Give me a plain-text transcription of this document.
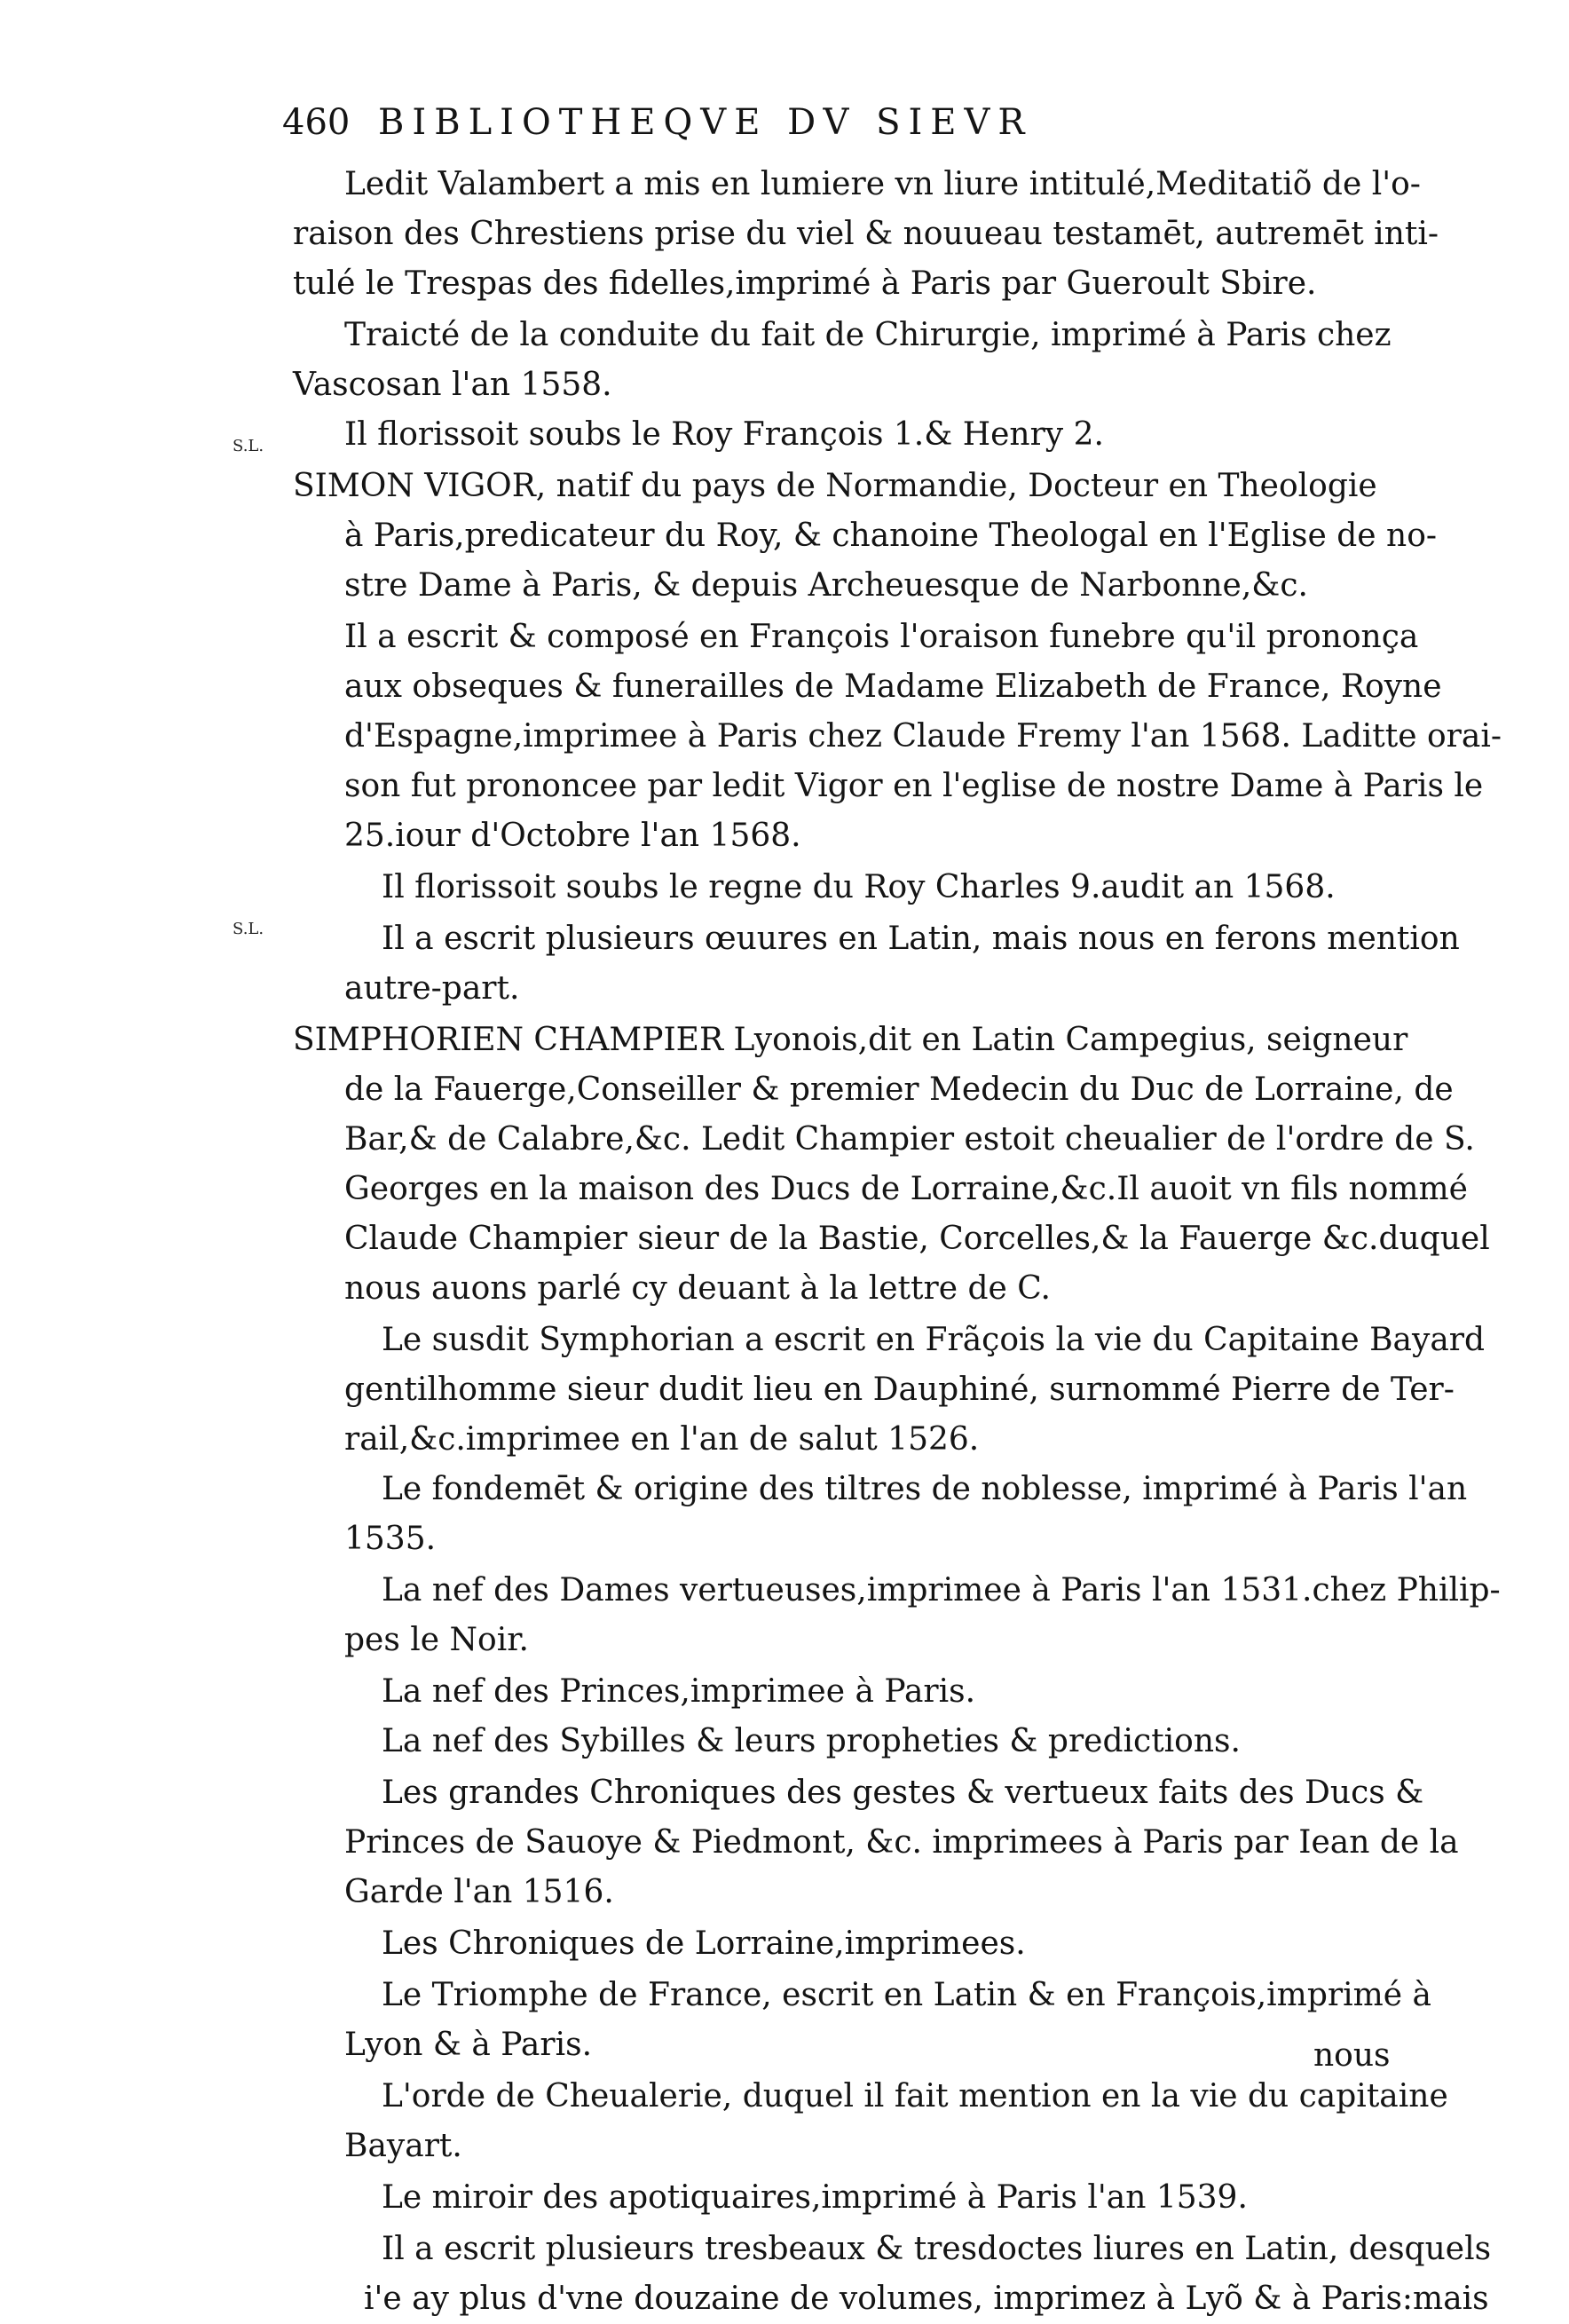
460 BIBLIOTHEQVE DV SIEVR
S.L.
S.L.
Ledit Valambert a mis en lumiere vn liure intitulé,Meditatiõ de l'o-
raison des Chrestiens prise du viel & nouueau testamēt, autremēt inti-
tulé le Trespas des fidelles,imprimé à Paris par Gueroult Sbire.
Traicté de la conduite du fait de Chirurgie, imprimé à Paris chez
Vascosan l'an 1558.
Il florissoit soubs le Roy François 1.& Henry 2.
SIMON VIGOR, natif du pays de Normandie, Docteur en Theologie
à Paris,predicateur du Roy, & chanoine Theologal en l'Eglise de no-
stre Dame à Paris, & depuis Archeuesque de Narbonne,&c.
Il a escrit & composé en François l'oraison funebre qu'il prononça
aux obseques & funerailles de Madame Elizabeth de France, Royne
d'Espagne,imprimee à Paris chez Claude Fremy l'an 1568. Laditte orai-
son fut prononcee par ledit Vigor en l'eglise de nostre Dame à Paris le
25.iour d'Octobre l'an 1568.
Il florissoit soubs le regne du Roy Charles 9.audit an 1568.
Il a escrit plusieurs œuures en Latin, mais nous en ferons mention
autre-part.
SIMPHORIEN CHAMPIER Lyonois,dit en Latin Campegius, seigneur
de la Fauerge,Conseiller & premier Medecin du Duc de Lorraine, de
Bar,& de Calabre,&c. Ledit Champier estoit cheualier de l'ordre de S.
Georges en la maison des Ducs de Lorraine,&c.Il auoit vn fils nommé
Claude Champier sieur de la Bastie, Corcelles,& la Fauerge &c.duquel
nous auons parlé cy deuant à la lettre de C.
Le susdit Symphorian a escrit en Frãçois la vie du Capitaine Bayard
gentilhomme sieur dudit lieu en Dauphiné, surnommé Pierre de Ter-
rail,&c.imprimee en l'an de salut 1526.
Le fondemēt & origine des tiltres de noblesse, imprimé à Paris l'an
1535.
La nef des Dames vertueuses,imprimee à Paris l'an 1531.chez Philip-
pes le Noir.
La nef des Princes,imprimee à Paris.
La nef des Sybilles & leurs propheties & predictions.
Les grandes Chroniques des gestes & vertueux faits des Ducs &
Princes de Sauoye & Piedmont, &c. imprimees à Paris par Iean de la
Garde l'an 1516.
Les Chroniques de Lorraine,imprimees.
Le Triomphe de France, escrit en Latin & en François,imprimé à
Lyon & à Paris.
L'orde de Cheualerie, duquel il fait mention en la vie du capitaine
Bayart.
Le miroir des apotiquaires,imprimé à Paris l'an 1539.
Il a escrit plusieurs tresbeaux & tresdoctes liures en Latin, desquels
i'e ay plus d'vne douzaine de volumes, imprimez à Lyõ & à Paris:mais
nous
